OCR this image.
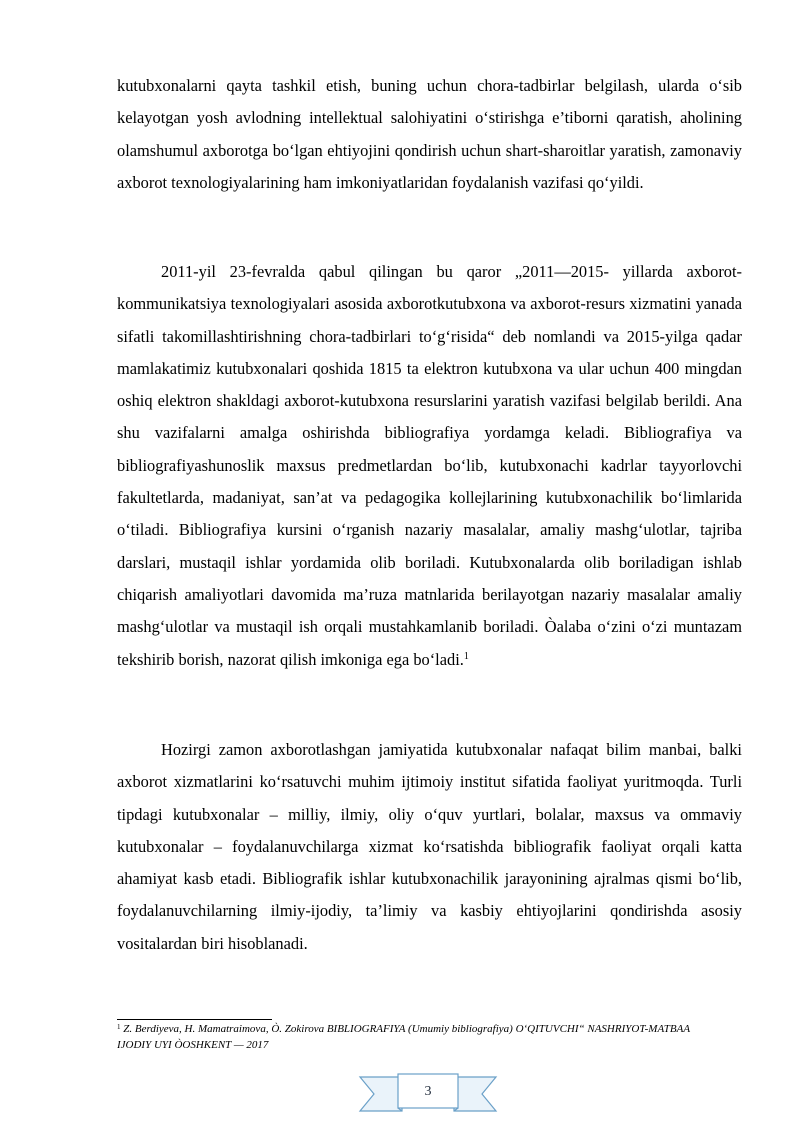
kutubxonalarni qayta tashkil etish, buning uchun chora-tadbirlar belgilash, ularda o‘sib kelayotgan yosh avlodning intellektual salohiyatini o‘stirishga e’tiborni qaratish, aholining olamshumul axborotga bo‘lgan ehtiyojini qondirish uchun shart-sharoitlar yaratish, zamonaviy axborot texnologiyalarining ham imkoniyatlaridan foydalanish vazifasi qo‘yildi.

2011-yil 23-fevralda qabul qilingan bu qaror „2011—2015- yillarda axborot-kommunikatsiya texnologiyalari asosida axborotkutubxona va axborot-resurs xizmatini yanada sifatli takomillashtirishning chora-tadbirlari to‘g‘risida“ deb nomlandi va 2015-yilga qadar mamlakatimiz kutubxonalari qoshida 1815 ta elektron kutubxona va ular uchun 400 mingdan oshiq elektron shakldagi axborot-kutubxona resurslarini yaratish vazifasi belgilab berildi. Ana shu vazifalarni amalga oshirishda bibliografiya yordamga keladi. Bibliografiya va bibliografiyashunoslik maxsus predmetlardan bo‘lib, kutubxonachi kadrlar tayyorlovchi fakultetlarda, madaniyat, san’at va pedagogika kollejlarining kutubxonachilik bo‘limlarida o‘tiladi. Bibliografiya kursini o‘rganish nazariy masalalar, amaliy mashg‘ulotlar, tajriba darslari, mustaqil ishlar yordamida olib boriladi. Kutubxonalarda olib boriladigan ishlab chiqarish amaliyotlari davomida ma’ruza matnlarida berilayotgan nazariy masalalar amaliy mashg‘ulotlar va mustaqil ish orqali mustahkamlanib boriladi. Òalaba o‘zini o‘zi muntazam tekshirib borish, nazorat qilish imkoniga ega bo‘ladi.$^1$

Hozirgi zamon axborotlashgan jamiyatida kutubxonalar nafaqat bilim manbai, balki axborot xizmatlarini ko‘rsatuvchi muhim ijtimoiy institut sifatida faoliyat yuritmoqda. Turli tipdagi kutubxonalar – milliy, ilmiy, oliy o‘quv yurtlari, bolalar, maxsus va ommaviy kutubxonalar – foydalanuvchilarga xizmat ko‘rsatishda bibliografik faoliyat orqali katta ahamiyat kasb etadi. Bibliografik ishlar kutubxonachilik jarayonining ajralmas qismi bo‘lib, foydalanuvchilarning ilmiy-ijodiy, ta’limiy va kasbiy ehtiyojlarini qondirishda asosiy vositalardan biri hisoblanadi.

$^1$ Z. Berdiyeva, H. Mamatraimova, Ò. Zokirova BIBLIOGRAFIYA (Umumiy bibliografiya) O‘QITUVCHI“ NASHRIYOT-MATBAA IJODIY UYI ÒOSHKENT — 2017

3
